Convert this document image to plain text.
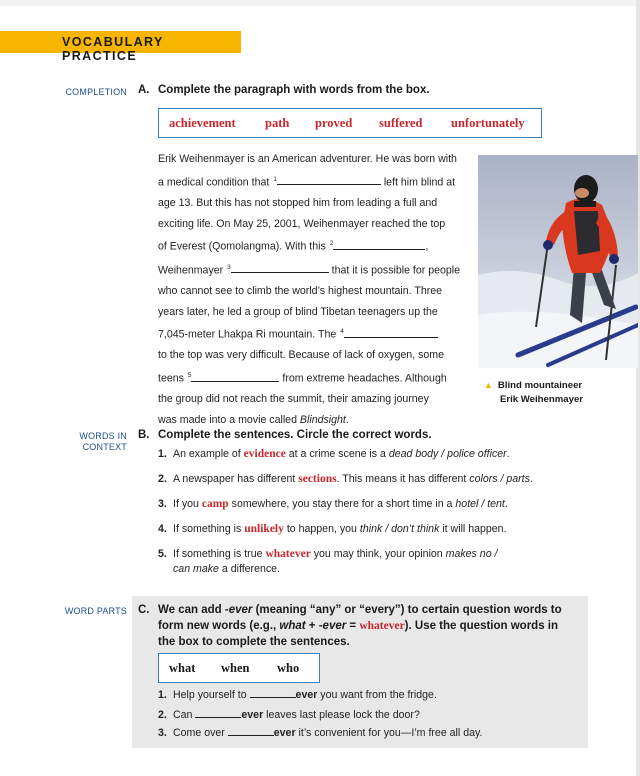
VOCABULARY PRACTICE
COMPLETION A. Complete the paragraph with words from the box.
achievement path proved suffered unfortunately
Erik Weihenmayer is an American adventurer. He was born with
a medical condition that $^1$	left him blind at
age 13. But this has not stopped him from leading a full and
exciting life. On May 25, 2001, Weihenmayer reached the top
of Everest (Qomolangma). With this $^2$	,
Weihenmayer $^3$	that it is possible for people
who cannot see to climb the world’s highest mountain. Three
years later, he led a group of blind Tibetan teenagers up the
7,045-meter Lhakpa Ri mountain. The $^4$
to the top was very difficult. Because of lack of oxygen, some
teens $^5$	from extreme headaches. Although
the group did not reach the summit, their amazing journey
was made into a movie called Blindsight.
▲ Blind mountaineer
Erik Weihenmayer
WORDS IN
CONTEXT
B. Complete the sentences. Circle the correct words.
1. An example of evidence at a crime scene is a dead body / police officer.
2. A newspaper has different sections. This means it has different colors / parts.
3. If you camp somewhere, you stay there for a short time in a hotel / tent.
4. If something is unlikely to happen, you think / don’t think it will happen.
5. If something is true whatever you may think, your opinion makes no /
can make a difference.
WORD PARTS C. We can add -ever (meaning “any” or “every”) to certain question words to
form new words (e.g., what + -ever = whatever). Use the question words in
the box to complete the sentences.
what when who
1. Help yourself to	ever you want from the fridge.
2. Can	ever leaves last please lock the door?
3. Come over	ever it’s convenient for you—I’m free all day.
